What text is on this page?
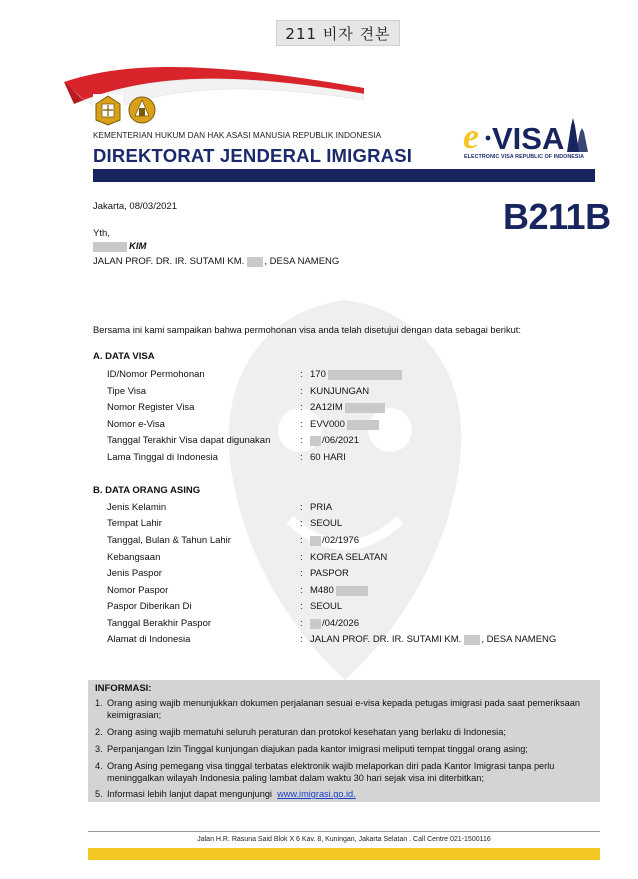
211 비자 견본
KEMENTERIAN HUKUM DAN HAK ASASI MANUSIA REPUBLIK INDONESIA
DIREKTORAT JENDERAL IMIGRASI e VISA
ELECTRONIC VISA REPUBLIC OF INDONESIA
Jakarta, 08/03/2021	B211B
Yth,
KIM
JALAN PROF. DR. IR. SUTAMI KM. , DESA NAMENG
Bersama ini kami sampaikan bahwa permohonan visa anda telah disetujui dengan data sebagai berikut:
A. DATA VISA
ID/Nomor Permohonan	: 170
Tipe Visa	: KUNJUNGAN
Nomor Register Visa	: 2A12IM
Nomor e-Visa	: EVV000
Tanggal Terakhir Visa dapat digunakan	:	/06/2021
Lama Tinggal di Indonesia	: 60 HARI
B. DATA ORANG ASING
Jenis Kelamin	: PRIA
Tempat Lahir	: SEOUL
Tanggal, Bulan & Tahun Lahir	:	/02/1976
Kebangsaan	: KOREA SELATAN
Jenis Paspor	: PASPOR
Nomor Paspor	: M480
Paspor Diberikan Di	: SEOUL
Tanggal Berakhir Paspor	:	/04/2026
Alamat di Indonesia	: JALAN PROF. DR. IR. SUTAMI KM. , DESA NAMENG
INFORMASI:
1. Orang asing wajib menunjukkan dokumen perjalanan sesuai e-visa kepada petugas imigrasi pada saat pemeriksaan keimigrasian;
2. Orang asing wajib mematuhi seluruh peraturan dan protokol kesehatan yang berlaku di Indonesia;
3. Perpanjangan Izin Tinggal kunjungan diajukan pada kantor imigrasi meliputi tempat tinggal orang asing;
4. Orang Asing pemegang visa tinggal terbatas elektronik wajib melaporkan diri pada Kantor Imigrasi tanpa perlu meninggalkan wilayah Indonesia paling lambat dalam waktu 30 hari sejak visa ini diterbitkan;
5. Informasi lebih lanjut dapat mengunjungi www.imigrasi.go.id.
Jalan H.R. Rasuna Said Blok X 6 Kav. 8, Kuningan, Jakarta Selatan . Call Centre 021-1500116
